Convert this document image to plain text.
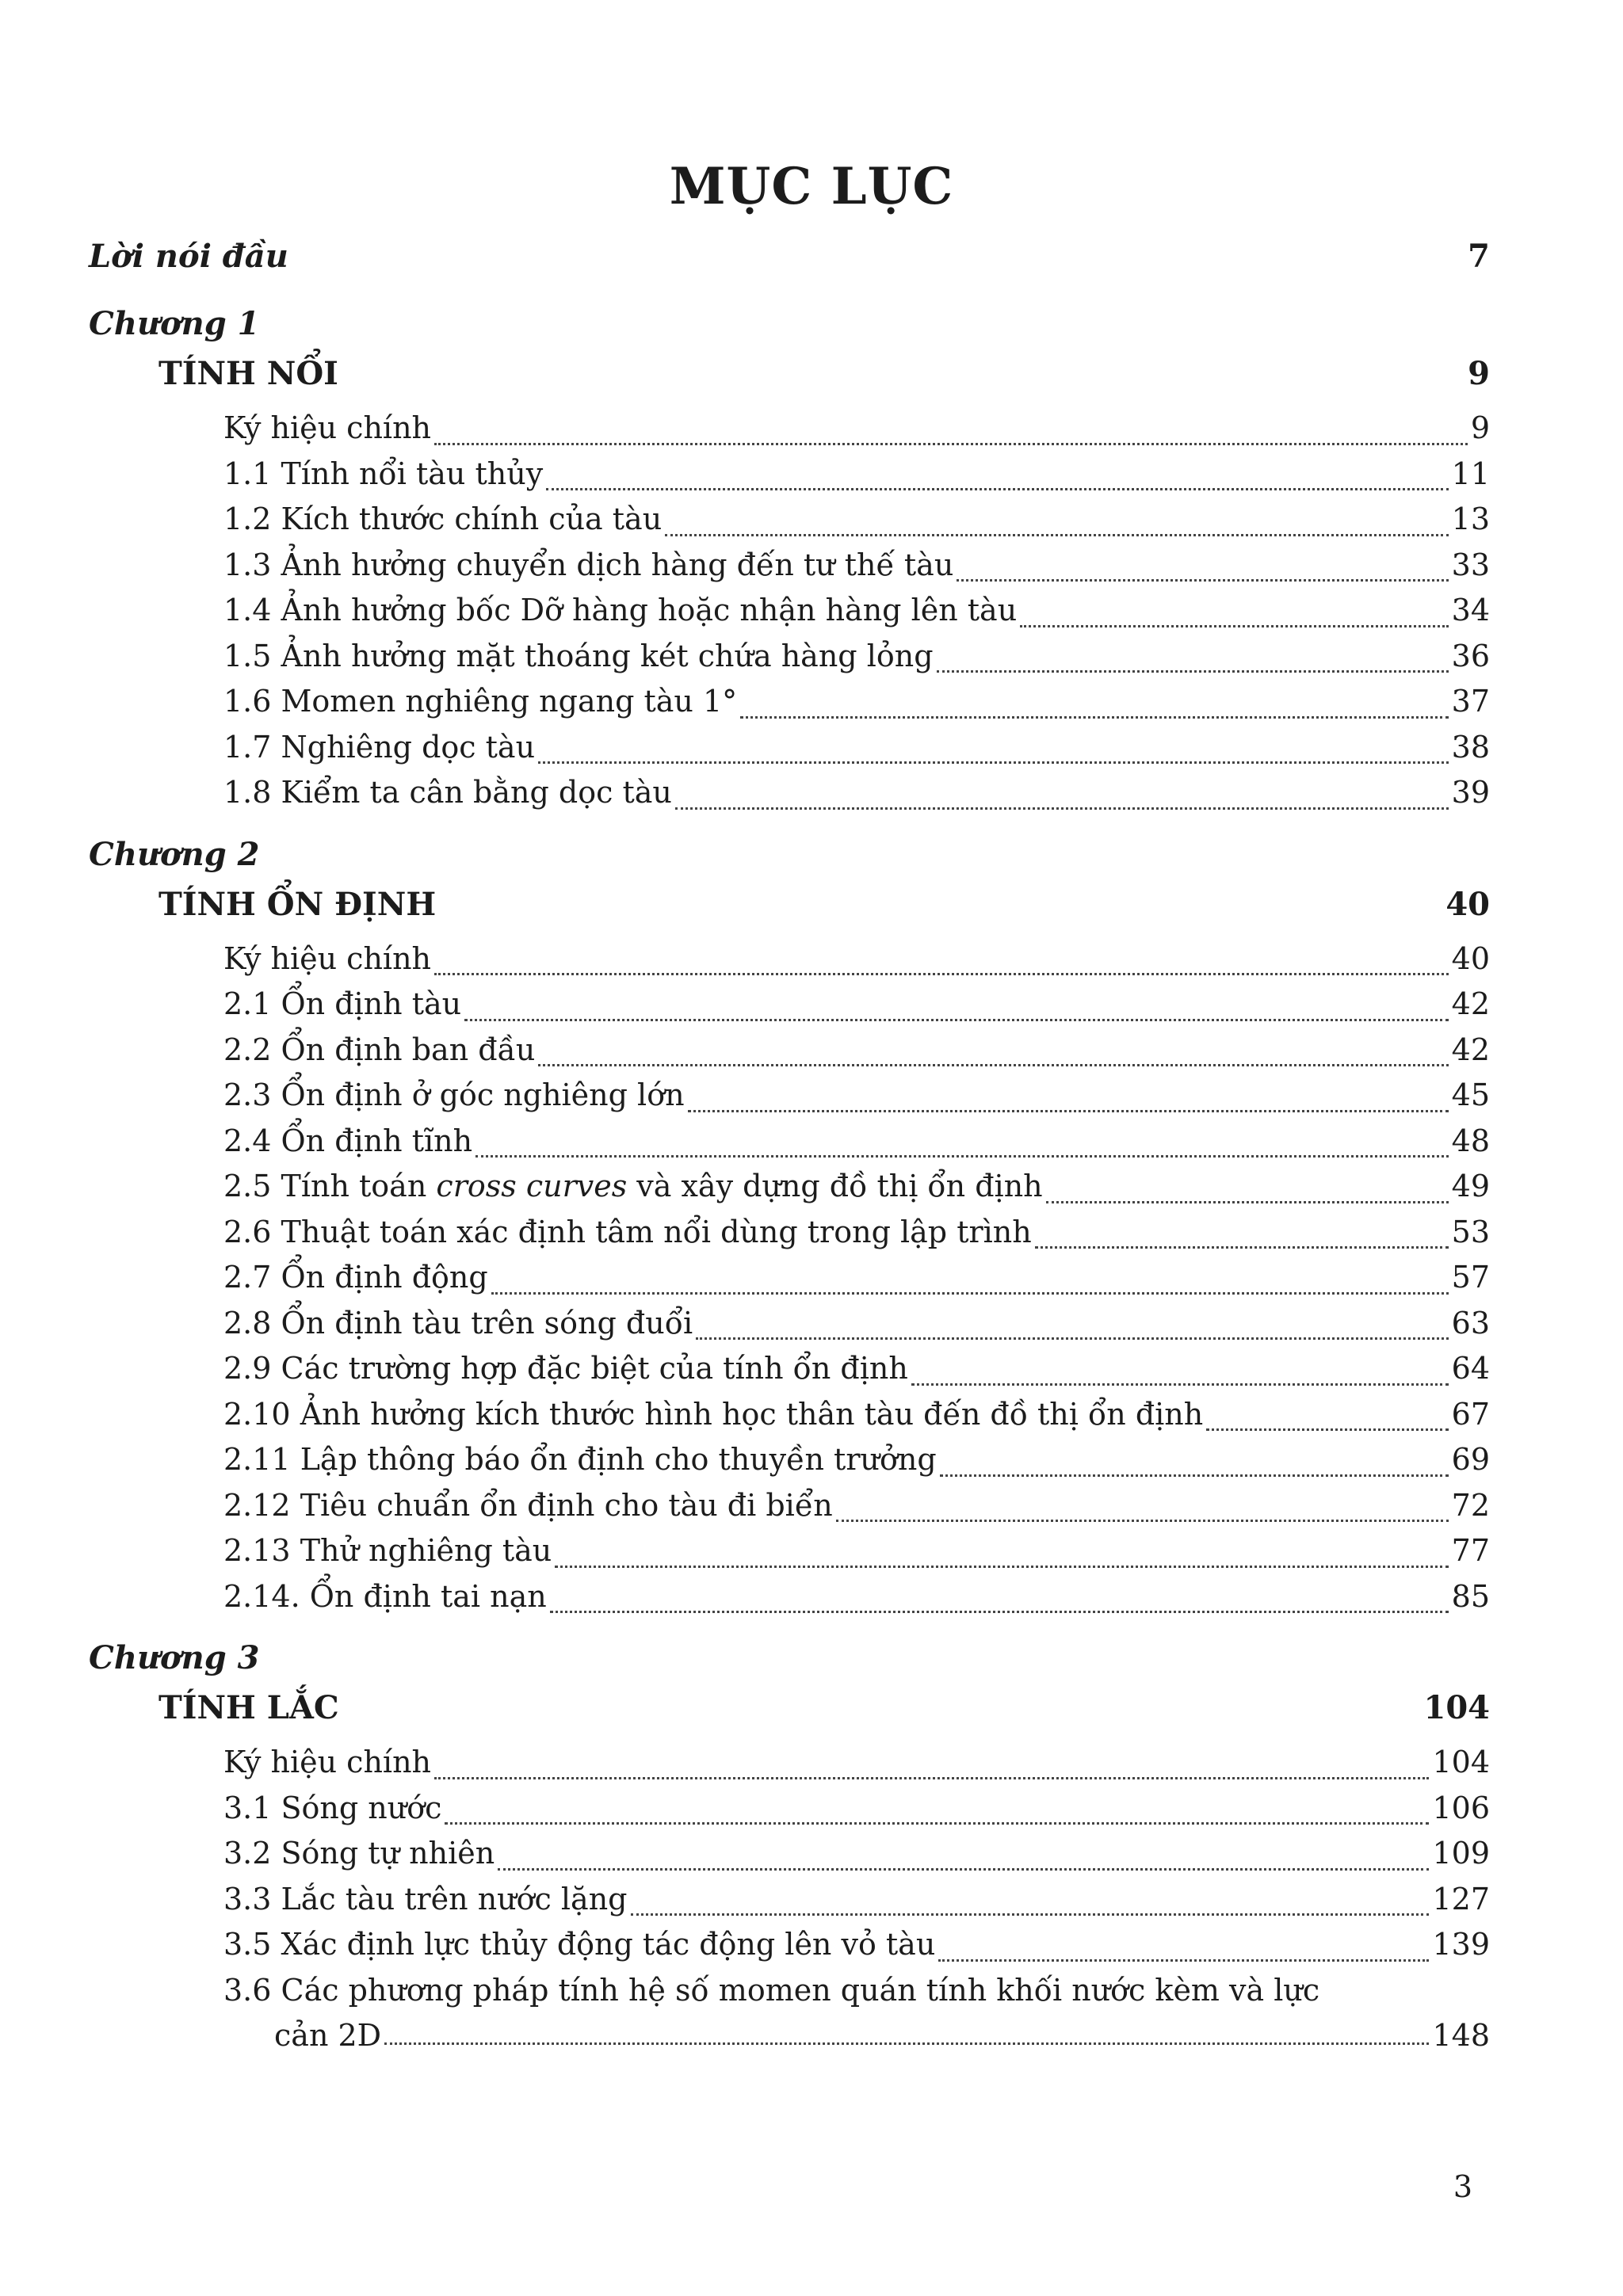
MỤC LỤC
Lời nói đầu	7
Chương 1
TÍNH NỔI	9
Ký hiệu chính	9
1.1 Tính nổi tàu thủy	11
1.2 Kích thước chính của tàu	13
1.3 Ảnh hưởng chuyển dịch hàng đến tư thế tàu	33
1.4 Ảnh hưởng bốc Dỡ hàng hoặc nhận hàng lên tàu	34
1.5 Ảnh hưởng mặt thoáng két chứa hàng lỏng	36
1.6 Momen nghiêng ngang tàu 1°	37
1.7 Nghiêng dọc tàu	38
1.8 Kiểm ta cân bằng dọc tàu	39
Chương 2
TÍNH ỔN ĐỊNH	40
Ký hiệu chính	40
2.1 Ổn định tàu	42
2.2 Ổn định ban đầu	42
2.3 Ổn định ở góc nghiêng lớn	45
2.4 Ổn định tĩnh	48
2.5 Tính toán cross curves và xây dựng đồ thị ổn định	49
2.6 Thuật toán xác định tâm nổi dùng trong lập trình	53
2.7 Ổn định động	57
2.8 Ổn định tàu trên sóng đuổi	63
2.9 Các trường hợp đặc biệt của tính ổn định	64
2.10 Ảnh hưởng kích thước hình học thân tàu đến đồ thị ổn định	67
2.11 Lập thông báo ổn định cho thuyền trưởng	69
2.12 Tiêu chuẩn ổn định cho tàu đi biển	72
2.13 Thử nghiêng tàu	77
2.14. Ổn định tai nạn	85
Chương 3
TÍNH LẮC	104
Ký hiệu chính	104
3.1 Sóng nước	106
3.2 Sóng tự nhiên	109
3.3 Lắc tàu trên nước lặng	127
3.5 Xác định lực thủy động tác động lên vỏ tàu	139
3.6 Các phương pháp tính hệ số momen quán tính khối nước kèm và lực
cản 2D	148
3
